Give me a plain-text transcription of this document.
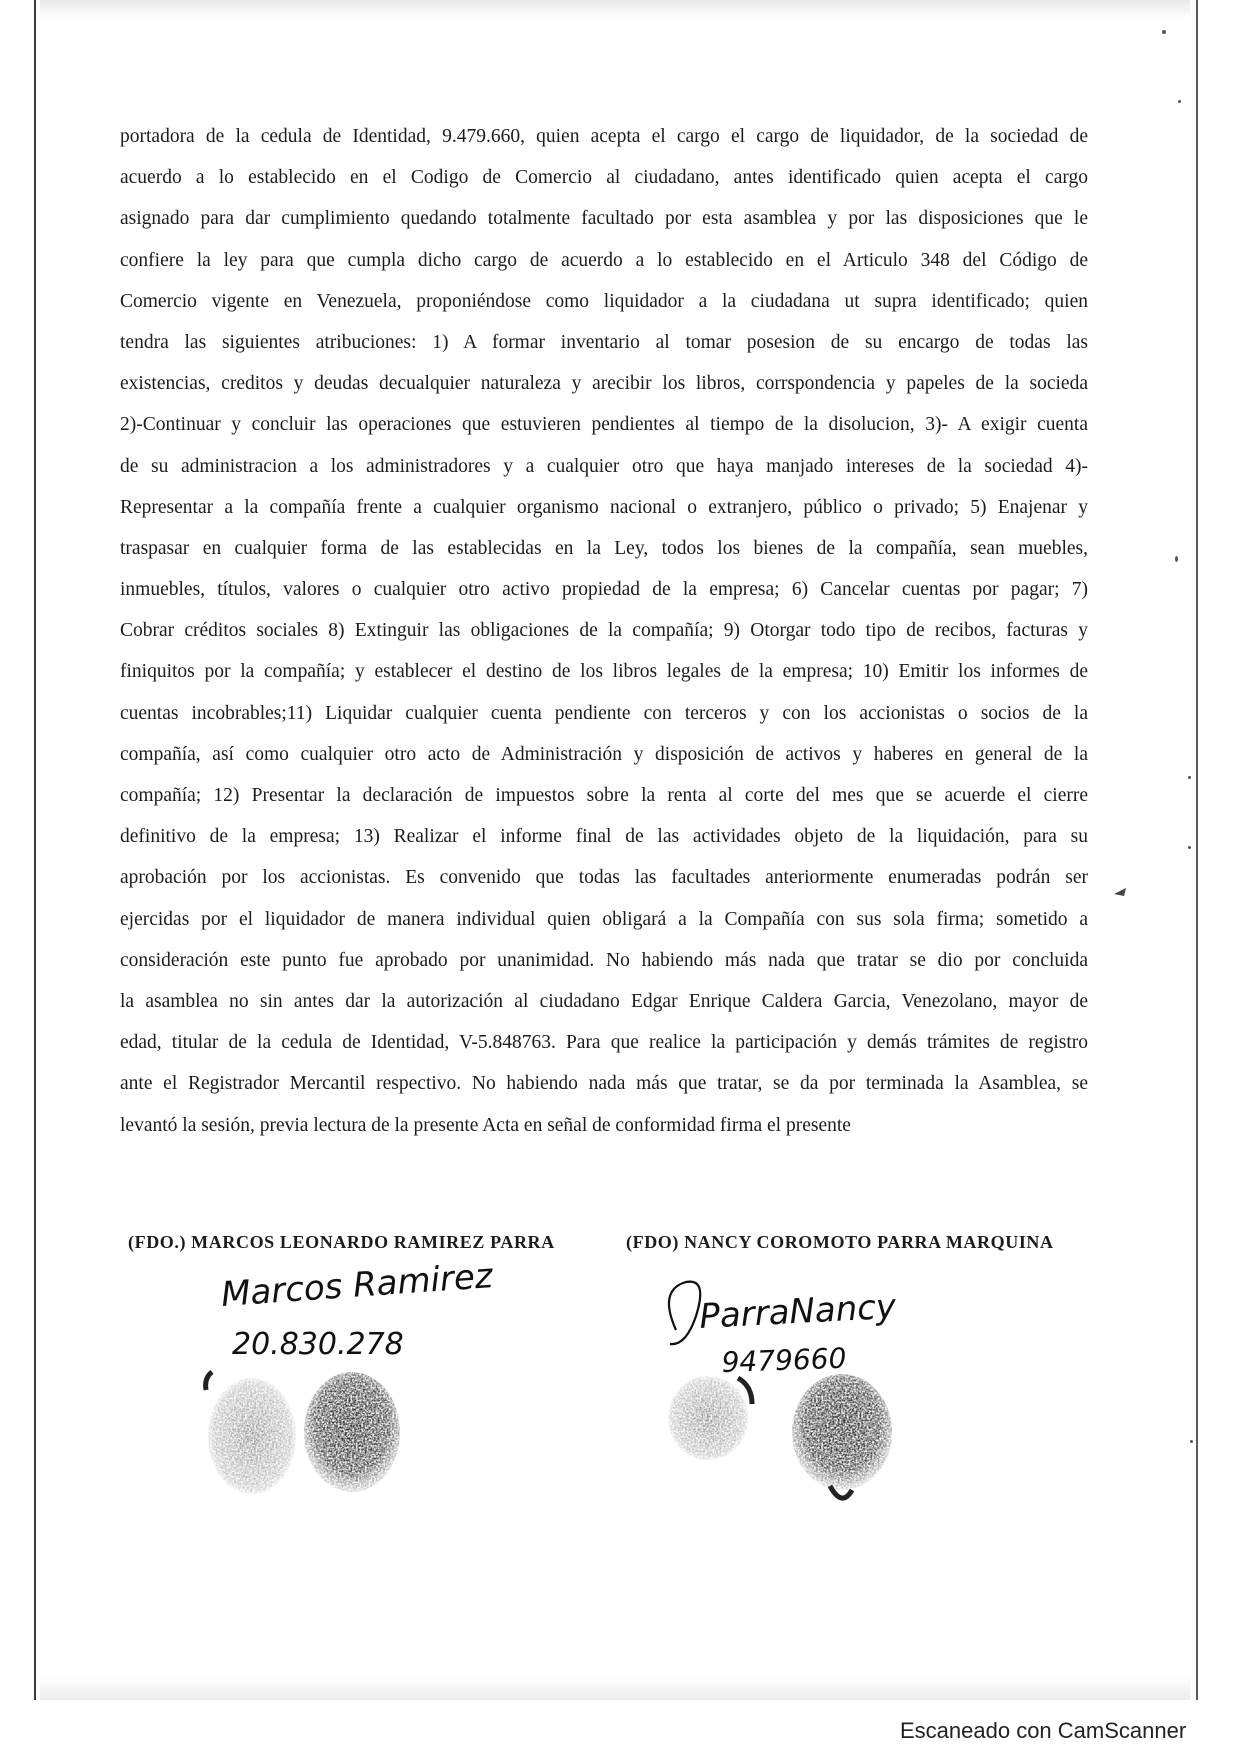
portadora de la cedula de Identidad, 9.479.660, quien acepta el cargo el cargo de liquidador, de la sociedad de
acuerdo a lo establecido en el Codigo de Comercio al ciudadano, antes identificado quien acepta el cargo
asignado para dar cumplimiento quedando totalmente facultado por esta asamblea y por las disposiciones que le
confiere la ley para que cumpla dicho cargo de acuerdo a lo establecido en el Articulo 348 del Código de
Comercio vigente en Venezuela, proponiéndose como liquidador a la ciudadana ut supra identificado; quien
tendra las siguientes atribuciones: 1) A formar inventario al tomar posesion de su encargo de todas las
existencias, creditos y deudas decualquier naturaleza y arecibir los libros, corrspondencia y papeles de la socieda
2)-Continuar y concluir las operaciones que estuvieren pendientes al tiempo de la disolucion, 3)- A exigir cuenta
de su administracion a los administradores y a cualquier otro que haya manjado intereses de la sociedad 4)-
Representar a la compañía frente a cualquier organismo nacional o extranjero, público o privado; 5) Enajenar y
traspasar en cualquier forma de las establecidas en la Ley, todos los bienes de la compañía, sean muebles,
inmuebles, títulos, valores o cualquier otro activo propiedad de la empresa; 6) Cancelar cuentas por pagar; 7)
Cobrar créditos sociales 8) Extinguir las obligaciones de la compañía; 9) Otorgar todo tipo de recibos, facturas y
finiquitos por la compañía; y establecer el destino de los libros legales de la empresa; 10) Emitir los informes de
cuentas incobrables;11) Liquidar cualquier cuenta pendiente con terceros y con los accionistas o socios de la
compañía, así como cualquier otro acto de Administración y disposición de activos y haberes en general de la
compañía; 12) Presentar la declaración de impuestos sobre la renta al corte del mes que se acuerde el cierre
definitivo de la empresa; 13) Realizar el informe final de las actividades objeto de la liquidación, para su
aprobación por los accionistas. Es convenido que todas las facultades anteriormente enumeradas podrán ser
ejercidas por el liquidador de manera individual quien obligará a la Compañía con sus sola firma; sometido a
consideración este punto fue aprobado por unanimidad. No habiendo más nada que tratar se dio por concluida
la asamblea no sin antes dar la autorización al ciudadano Edgar Enrique Caldera Garcia, Venezolano, mayor de
edad, titular de la cedula de Identidad, V-5.848763. Para que realice la participación y demás trámites de registro
ante el Registrador Mercantil respectivo. No habiendo nada más que tratar, se da por terminada la Asamblea, se
levantó la sesión, previa lectura de la presente Acta en señal de conformidad firma el presente
(FDO.) MARCOS LEONARDO RAMIREZ PARRA	(FDO) NANCY COROMOTO PARRA MARQUINA
Marcos Ramirez
20.830.278
ParraNancy
9479660
Escaneado con CamScanner
